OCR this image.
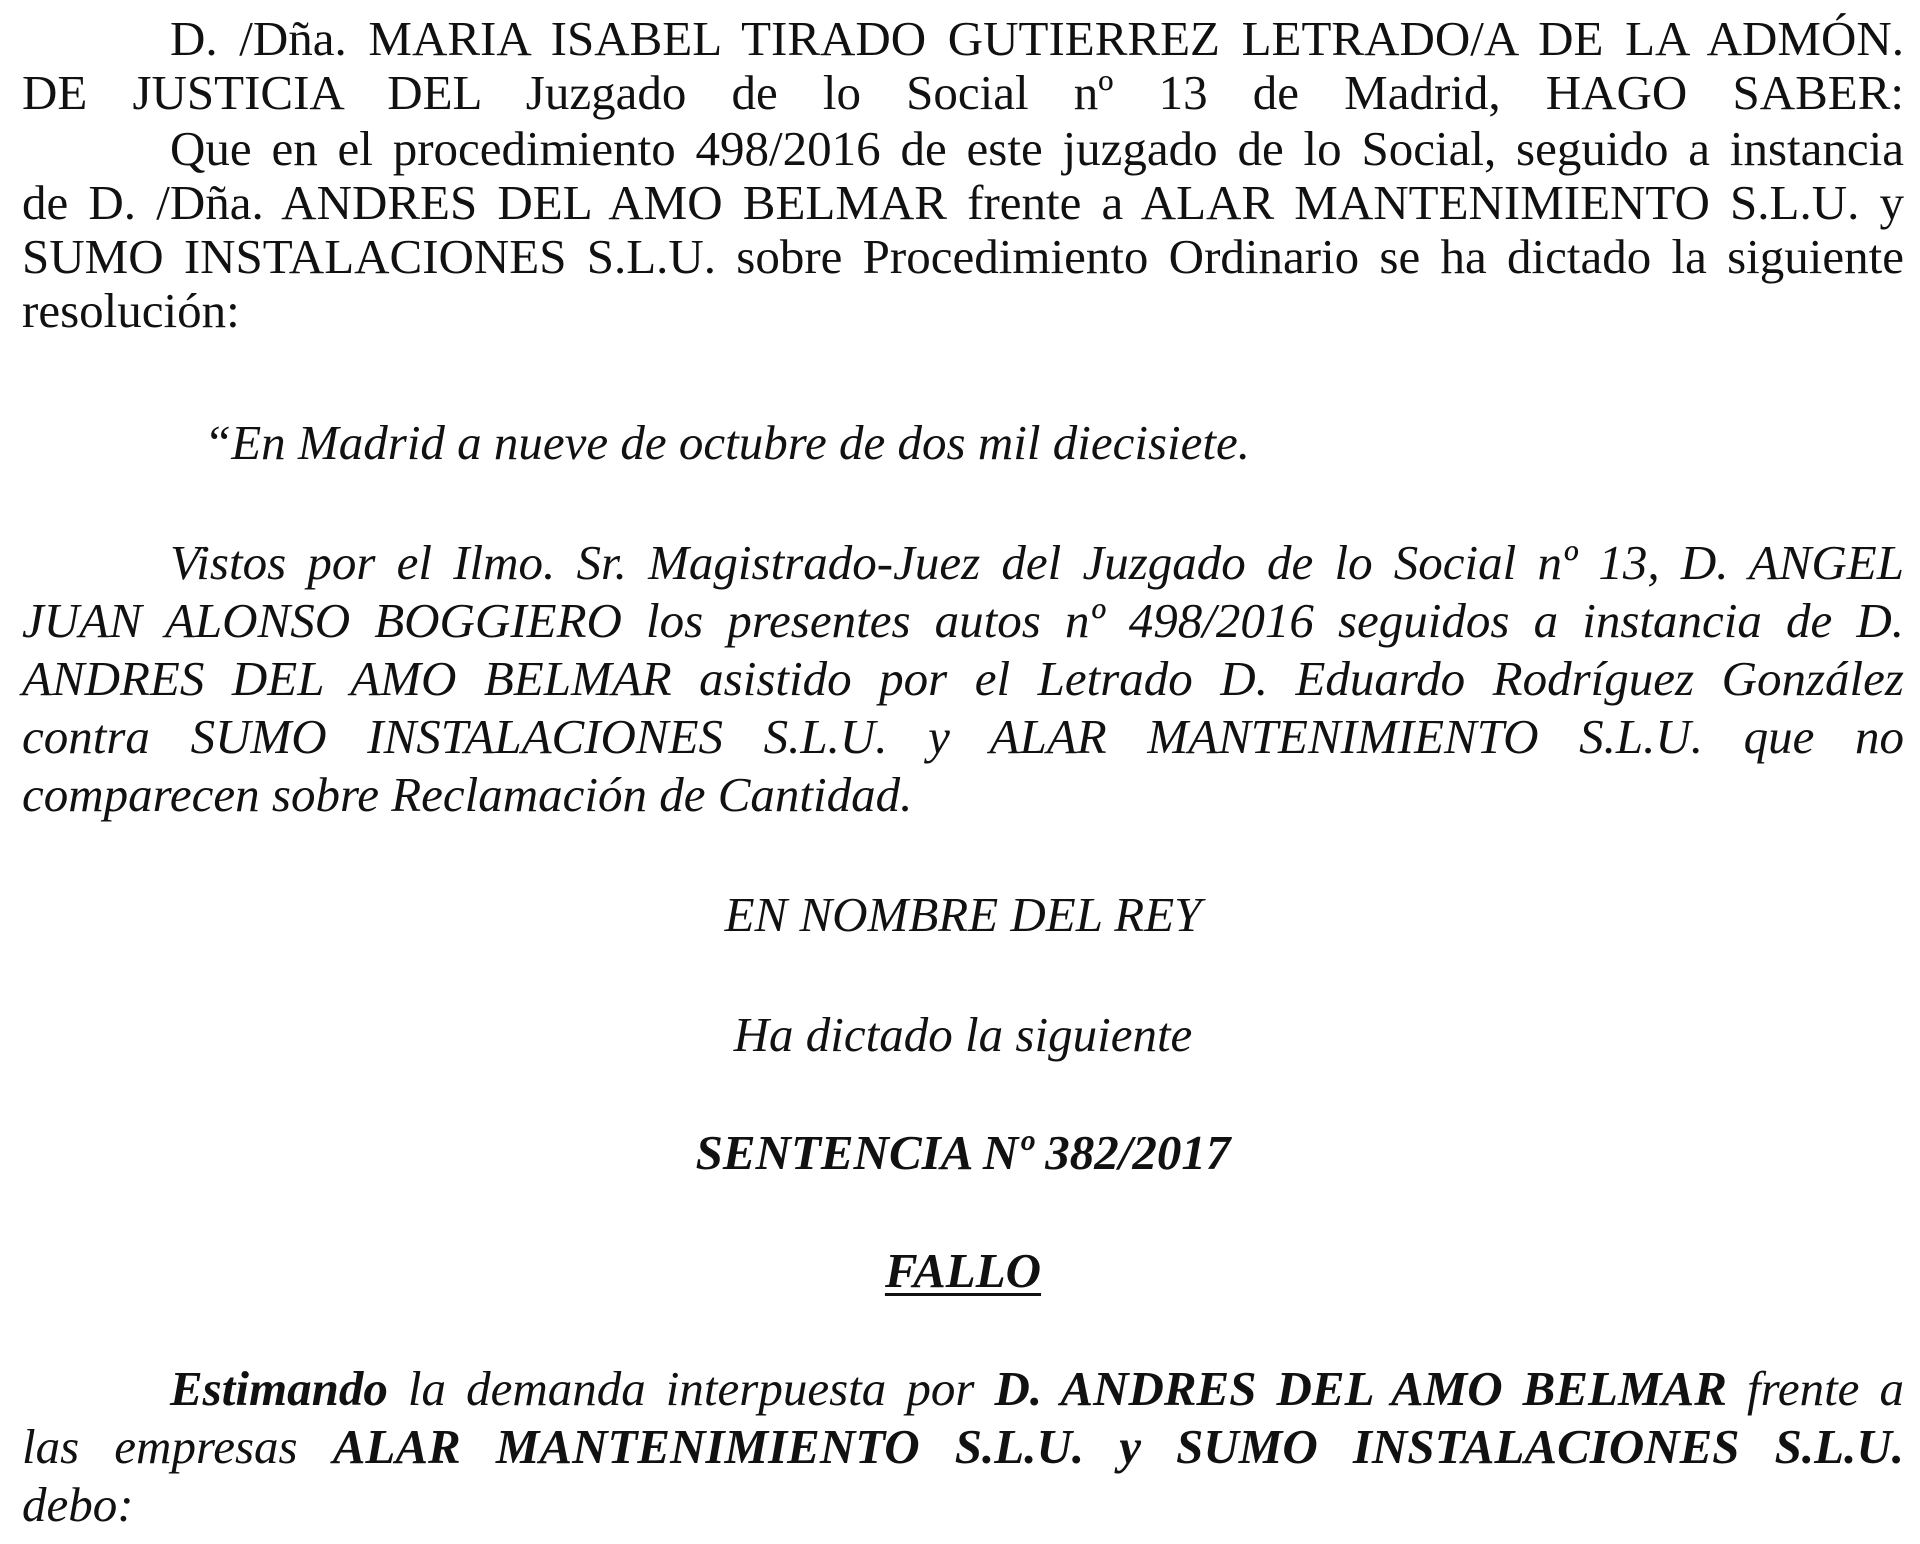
D. /Dña. MARIA ISABEL TIRADO GUTIERREZ LETRADO/A DE LA ADMÓN.
DE JUSTICIA DEL Juzgado de lo Social nº 13 de Madrid, HAGO SABER:
Que en el procedimiento 498/2016 de este juzgado de lo Social, seguido a instancia
de D. /Dña. ANDRES DEL AMO BELMAR frente a ALAR MANTENIMIENTO S.L.U. y
SUMO INSTALACIONES S.L.U. sobre Procedimiento Ordinario se ha dictado la siguiente
resolución:
“En Madrid a nueve de octubre de dos mil diecisiete.
Vistos por el Ilmo. Sr. Magistrado-Juez del Juzgado de lo Social nº 13, D. ANGEL
JUAN ALONSO BOGGIERO los presentes autos nº 498/2016 seguidos a instancia de D.
ANDRES DEL AMO BELMAR asistido por el Letrado D. Eduardo Rodríguez González
contra SUMO INSTALACIONES S.L.U. y ALAR MANTENIMIENTO S.L.U. que no
comparecen sobre Reclamación de Cantidad.
EN NOMBRE DEL REY
Ha dictado la siguiente
SENTENCIA Nº 382/2017
FALLO
Estimando la demanda interpuesta por D. ANDRES DEL AMO BELMAR frente a
las empresas ALAR MANTENIMIENTO S.L.U. y SUMO INSTALACIONES S.L.U.
debo:
